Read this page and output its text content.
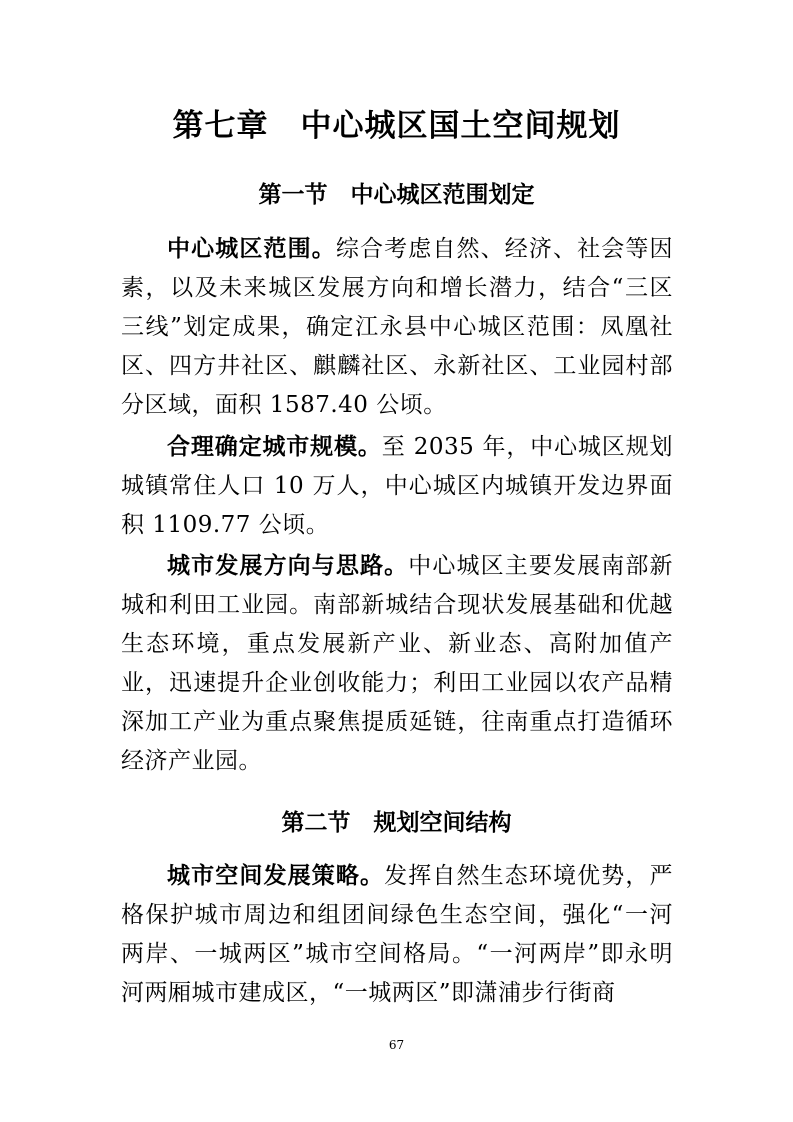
第七章　中心城区国土空间规划
第一节　中心城区范围划定

中心城区范围。综合考虑自然、经济、社会等因素，以及未来城区发展方向和增长潜力，结合“三区三线”划定成果，确定江永县中心城区范围：凤凰社区、四方井社区、麒麟社区、永新社区、工业园村部分区域，面积 1587.40 公顷。

合理确定城市规模。至 2035 年，中心城区规划城镇常住人口 10 万人，中心城区内城镇开发边界面积 1109.77 公顷。

城市发展方向与思路。中心城区主要发展南部新城和利田工业园。南部新城结合现状发展基础和优越生态环境，重点发展新产业、新业态、高附加值产业，迅速提升企业创收能力；利田工业园以农产品精深加工产业为重点聚焦提质延链，往南重点打造循环经济产业园。

第二节　规划空间结构

城市空间发展策略。发挥自然生态环境优势，严格保护城市周边和组团间绿色生态空间，强化“一河两岸、一城两区”城市空间格局。“一河两岸”即永明河两厢城市建成区，“一城两区”即潇浦步行街商

67
